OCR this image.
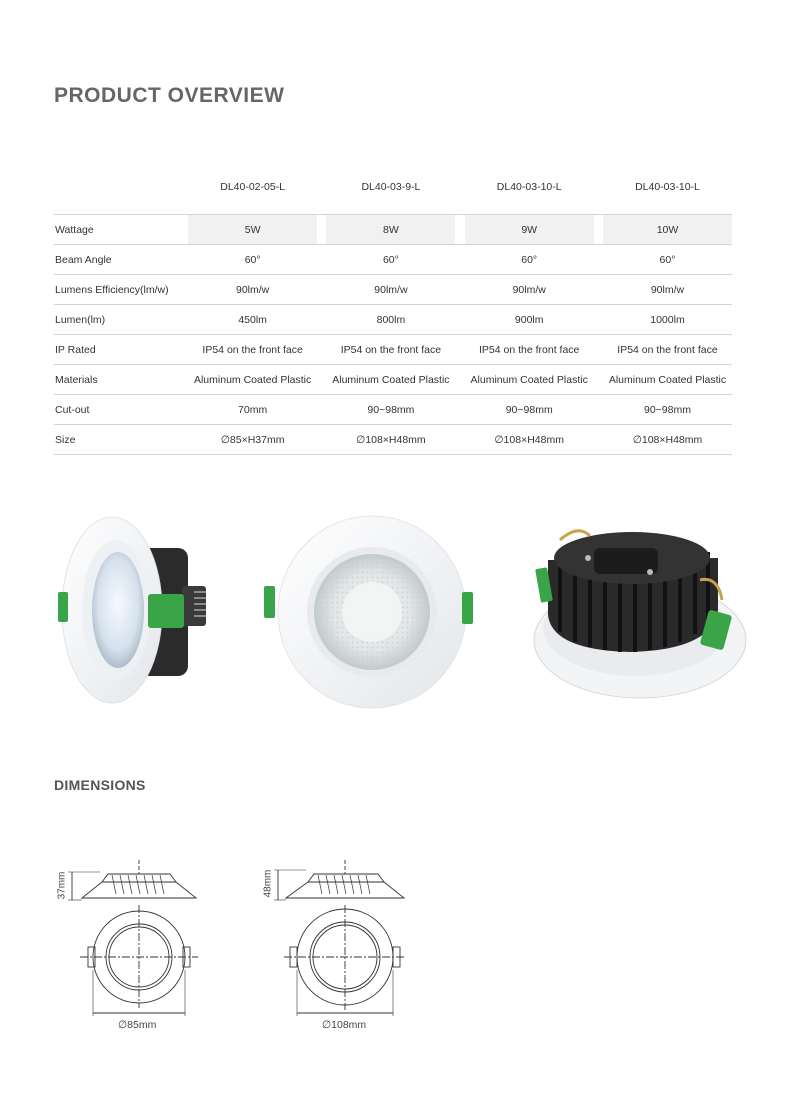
PRODUCT OVERVIEW
	DL40-02-05-L		DL40-03-9-L		DL40-03-10-L		DL40-03-10-L

Wattage	5W		8W		9W		10W
Beam Angle	60°		60°		60°		60°
Lumens Efficiency(lm/w)	90lm/w		90lm/w		90lm/w		90lm/w
Lumen(lm)	450lm		800lm		900lm		1000lm
IP Rated	IP54 on the front face		IP54 on the front face		IP54 on the front face		IP54 on the front face
Materials	Aluminum Coated Plastic		Aluminum Coated Plastic		Aluminum Coated Plastic		Aluminum Coated Plastic
Cut-out	70mm		90~98mm		90~98mm		90~98mm
Size	∅85×H37mm		∅108×H48mm		∅108×H48mm		∅108×H48mm
DIMENSIONS
37mm
∅85mm
48mm
∅108mm
